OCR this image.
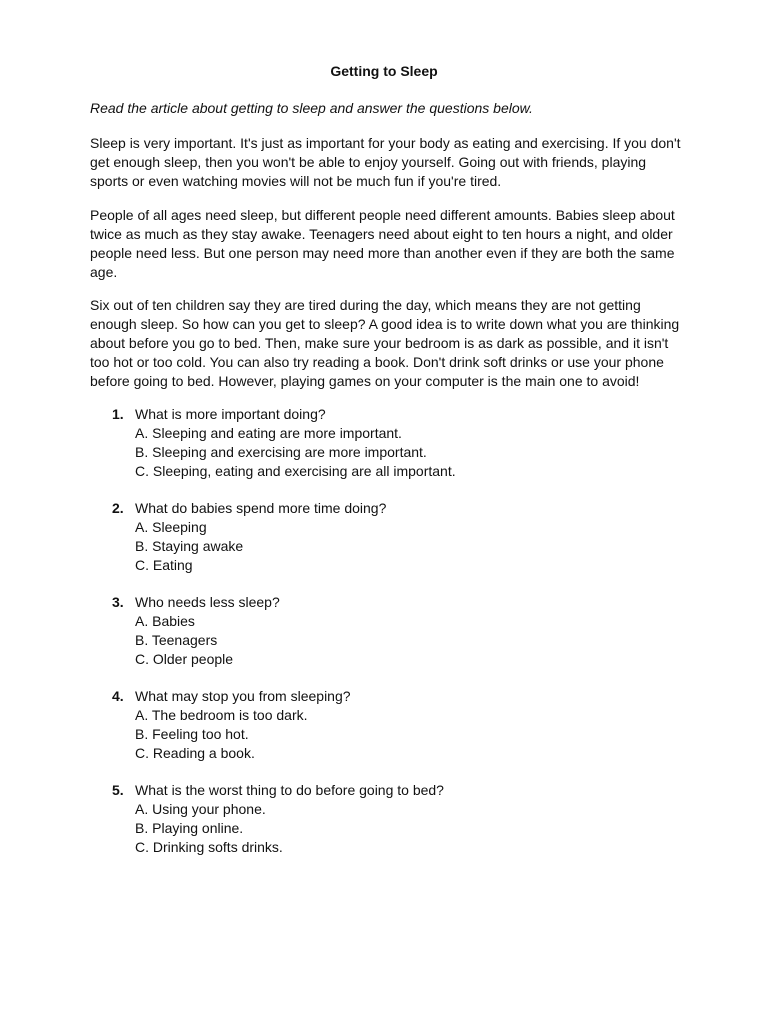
Getting to Sleep
Read the article about getting to sleep and answer the questions below.

Sleep is very important. It's just as important for your body as eating and exercising. If you don't get enough sleep, then you won't be able to enjoy yourself. Going out with friends, playing sports or even watching movies will not be much fun if you're tired.

People of all ages need sleep, but different people need different amounts. Babies sleep about twice as much as they stay awake. Teenagers need about eight to ten hours a night, and older people need less. But one person may need more than another even if they are both the same age.

Six out of ten children say they are tired during the day, which means they are not getting enough sleep. So how can you get to sleep? A good idea is to write down what you are thinking about before you go to bed. Then, make sure your bedroom is as dark as possible, and it isn't too hot or too cold. You can also try reading a book. Don't drink soft drinks or use your phone before going to bed. However, playing games on your computer is the main one to avoid!

1. What is more important doing?
A. Sleeping and eating are more important.
B. Sleeping and exercising are more important.
C. Sleeping, eating and exercising are all important.
2. What do babies spend more time doing?
A. Sleeping
B. Staying awake
C. Eating
3. Who needs less sleep?
A. Babies
B. Teenagers
C. Older people
4. What may stop you from sleeping?
A. The bedroom is too dark.
B. Feeling too hot.
C. Reading a book.
5. What is the worst thing to do before going to bed?
A. Using your phone.
B. Playing online.
C. Drinking softs drinks.
